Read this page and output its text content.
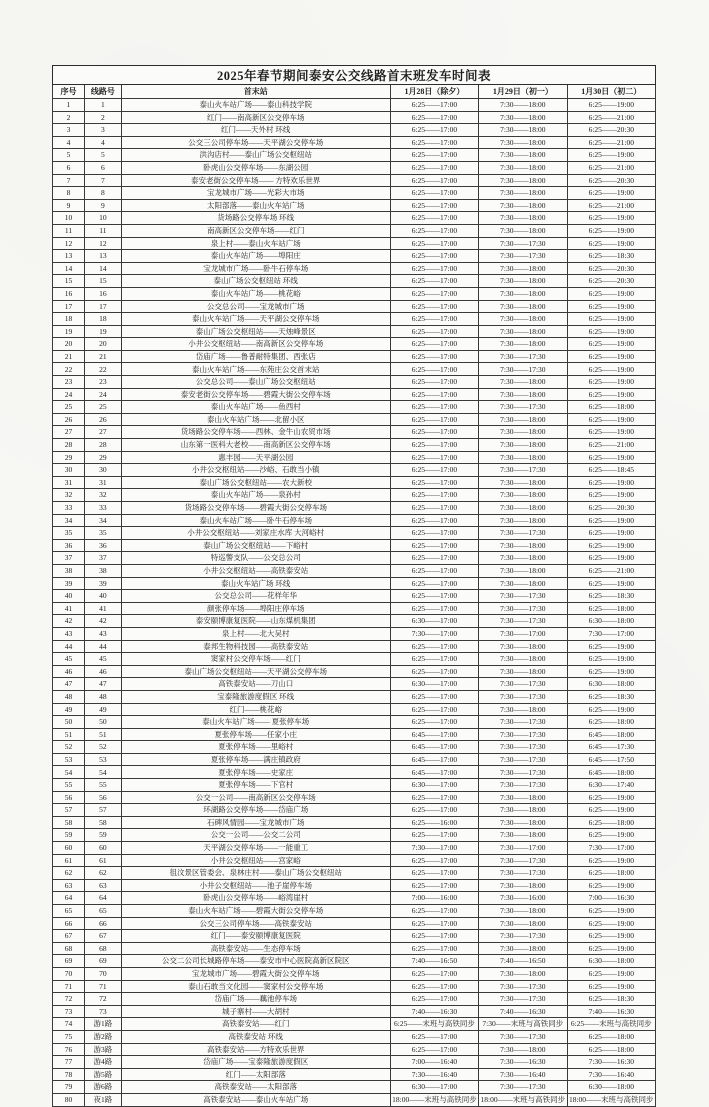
2025年春节期间泰安公交线路首末班发车时间表					
序号	线路号	首末站	1月28日（除夕）	1月29日（初一）	1月30日（初二）
1	1	泰山火车站广场——泰山科技学院	6:25——17:00	7:30——18:00	6:25——19:00
2	2	红门——南高新区公交停车场	6:25——17:00	7:30——18:00	6:25——21:00
3	3	红门——天外村 环线	6:25——17:00	7:30——18:00	6:25——20:30
4	4	公交三公司停车场——天平湖公交停车场	6:25——17:00	7:30——18:00	6:25——21:00
5	5	洪沟店村——泰山广场公交枢纽站	6:25——17:00	7:30——18:00	6:25——19:00
6	6	卧虎山公交停车场——东湖公园	6:25——17:00	7:30——18:00	6:25——21:00
7	7	泰安老街公交停车场—— 方特欢乐世界	6:25——17:00	7:30——18:00	6:25——20:30
8	8	宝龙城市广场——光彩大市场	6:25——17:00	7:30——18:00	6:25——19:00
9	9	太阳部落——泰山火车站广场	6:25——17:00	7:30——18:00	6:25——21:00
10	10	货场路公交停车场 环线	6:25——17:00	7:30——18:00	6:25——19:00
11	11	南高新区公交停车场——红门	6:25——17:00	7:30——18:00	6:25——19:00
12	12	泉上村——泰山火车站广场	6:25——17:00	7:30——17:30	6:25——19:00
13	13	泰山火车站广场——埠阳庄	6:25——17:00	7:30——17:30	6:25——18:30
14	14	宝龙城市广场——卧牛石停车场	6:25——17:00	7:30——18:00	6:25——20:30
15	15	泰山广场公交枢纽站 环线	6:25——17:00	7:30——18:00	6:25——20:30
16	16	泰山火车站广场——桃花峪	6:25——17:00	7:30——18:00	6:25——19:00
17	17	公交总公司——宝龙城市广场	6:25——17:00	7:30——18:00	6:25——19:00
18	18	泰山火车站广场——天平湖公交停车场	6:25——17:00	7:30——18:00	6:25——19:00
19	19	泰山广场公交枢纽站——天烛峰景区	6:25——17:00	7:30——18:00	6:25——19:00
20	20	小井公交枢纽站——南高新区公交停车场	6:25——17:00	7:30——18:00	6:25——19:00
21	21	岱庙广场——鲁普耐特集团、西张店	6:25——17:00	7:30——17:30	6:25——19:00
22	22	泰山火车站广场——东苑庄公交首末站	6:25——17:00	7:30——17:30	6:25——19:00
23	23	公交总公司——泰山广场公交枢纽站	6:25——17:00	7:30——18:00	6:25——19:00
24	24	泰安老街公交停车场——碧霞大街公交停车场	6:25——17:00	7:30——18:00	6:25——19:00
25	25	泰山火车站广场——鱼西村	6:25——17:00	7:30——17:30	6:25——18:00
26	26	泰山火车站广场——北留小区	6:25——17:00	7:30——18:00	6:25——19:00
27	27	货场路公交停车场——西林、金牛山农贸市场	6:25——17:00	7:30——18:00	6:25——19:00
28	28	山东第一医科大老校——南高新区公交停车场	6:25——17:00	7:30——18:00	6:25——21:00
29	29	惠丰园——天平湖公园	6:25——17:00	7:30——18:00	6:25——19:00
30	30	小井公交枢纽站——沙峪、石敢当小镇	6:25——17:00	7:30——17:30	6:25——18:45
31	31	泰山广场公交枢纽站——农大新校	6:25——17:00	7:30——18:00	6:25——19:00
32	32	泰山火车站广场——泉孙村	6:25——17:00	7:30——18:00	6:25——19:00
33	33	货场路公交停车场——碧霞大街公交停车场	6:25——17:00	7:30——18:00	6:25——20:30
34	34	泰山火车站广场——卧牛石停车场	6:25——17:00	7:30——18:00	6:25——19:00
35	35	小井公交枢纽站——刘家庄水库 大河峪村	6:25——17:00	7:30——17:30	6:25——19:00
36	36	泰山广场公交枢纽站——下峪村	6:25——17:00	7:30——18:00	6:25——19:00
37	37	特巡警支队——公交总公司	6:25——17:00	7:30——18:00	6:25——19:00
38	38	小井公交枢纽站——高铁泰安站	6:25——17:00	7:30——18:00	6:25——21:00
39	39	泰山火车站广场 环线	6:25——17:00	7:30——18:00	6:25——19:00
40	40	公交总公司——花样年华	6:25——17:00	7:30——17:30	6:25——18:30
41	41	颜张停车场——埠阳庄停车场	6:25——17:00	7:30——17:30	6:25——18:00
42	42	泰安颐博康复医院——山东煤机集团	6:30——17:00	7:30——17:30	6:30——18:00
43	43	泉上村——北大吴村	7:30——17:00	7:30——17:00	7:30——17:00
44	44	泰邦生物科技园——高铁泰安站	6:25——17:00	7:30——18:00	6:25——19:00
45	45	窦家村公交停车场——红门	6:25——17:00	7:30——18:00	6:25——19:00
46	46	泰山广场公交枢纽站——天平湖公交停车场	6:25——17:00	7:30——18:00	6:25——19:00
47	47	高铁泰安站——刀山口	6:30——17:00	7:30——17:30	6:30——18:00
48	48	宝泰隆旅游度假区 环线	6:25——17:00	7:30——17:30	6:25——18:30
49	49	红门——桃花峪	6:25——17:00	7:30——18:00	6:25——19:00
50	50	泰山火车站广场—— 夏张停车场	6:25——17:00	7:30——17:30	6:25——18:00
51	51	夏张停车场——任家小庄	6:45——17:00	7:30——17:30	6:45——18:00
52	52	夏张停车场——里峪村	6:45——17:00	7:30——17:30	6:45——17:30
53	53	夏张停车场——满庄镇政府	6:45——17:00	7:30——17:30	6:45——17:50
54	54	夏张停车场——史家庄	6:45——17:00	7:30——17:30	6:45——18:00
55	55	夏张停车场——下官村	6:30——17:00	7:30——17:30	6:30——17:40
56	56	公交一公司——南高新区公交停车场	6:25——17:00	7:30——18:00	6:25——19:00
57	57	环湖路公交停车场——岱庙广场	6:25——17:00	7:30——18:00	6:25——19:00
58	58	石碑风情园——宝龙城市广场	6:25——16:00	7:30——18:00	6:25——18:00
59	59	公交一公司——公交二公司	6:25——17:00	7:30——18:00	6:25——19:00
60	60	天平湖公交停车场——一能重工	7:30——17:00	7:30——17:00	7:30——17:00
61	61	小井公交枢纽站——宫家峪	6:25——17:00	7:30——17:30	6:25——19:00
62	62	徂汶景区管委会、泉林庄村——泰山广场公交枢纽站	6:25——17:00	7:30——17:30	6:25——18:00
63	63	小井公交枢纽站——池子崖停车场	6:25——17:00	7:30——18:00	6:25——19:00
64	64	卧虎山公交停车场——峪湾崖村	7:00——16:00	7:30——16:00	7:00——16:30
65	65	泰山火车站广场——碧霞大街公交停车场	6:25——17:00	7:30——18:00	6:25——19:00
66	66	公交三公司停车场——高铁泰安站	6:25——17:00	7:30——18:00	6:25——19:00
67	67	红门——泰安颐博康复医院	6:25——17:00	7:30——17:30	6:25——19:00
68	68	高铁泰安站——生态停车场	6:25——17:00	7:30——18:00	6:25——19:00
69	69	公交二公司长城路停车场——泰安市中心医院高新区院区	7:40——16:50	7:40——16:50	6:30——18:00
70	70	宝龙城市广场——碧霞大街公交停车场	6:25——17:00	7:30——18:00	6:25——19:00
71	71	泰山石敢当文化园——窦家村公交停车场	6:25——17:00	7:30——17:30	6:25——19:00
72	72	岱庙广场——藕池停车场	6:25——17:00	7:30——17:30	6:25——18:30
73	73	城子寨村——大胡村	7:40——16:30	7:40——16:30	7:40——16:30
74	游1路	高铁泰安站——红门	6:25——末班与高铁同步	7:30——末班与高铁同步	6:25——末班与高铁同步
75	游2路	高铁泰安站 环线	6:25——17:00	7:30——17:30	6:25——18:00
76	游3路	高铁泰安站——方特欢乐世界	6:25——17:00	7:30——18:00	6:25——18:00
77	游4路	岱庙广场——宝泰隆旅游度假区	7:00——16:40	7:30——16:30	7:30——16:30
78	游5路	红门——太阳部落	7:30——16:40	7:30——16:40	7:30——16:40
79	游6路	高铁泰安站——太阳部落	6:30——17:00	7:30——17:30	6:30——18:00
80	夜1路	高铁泰安站——泰山火车站广场	18:00——末班与高铁同步	18:00——末班与高铁同步	18:00——末班与高铁同步
